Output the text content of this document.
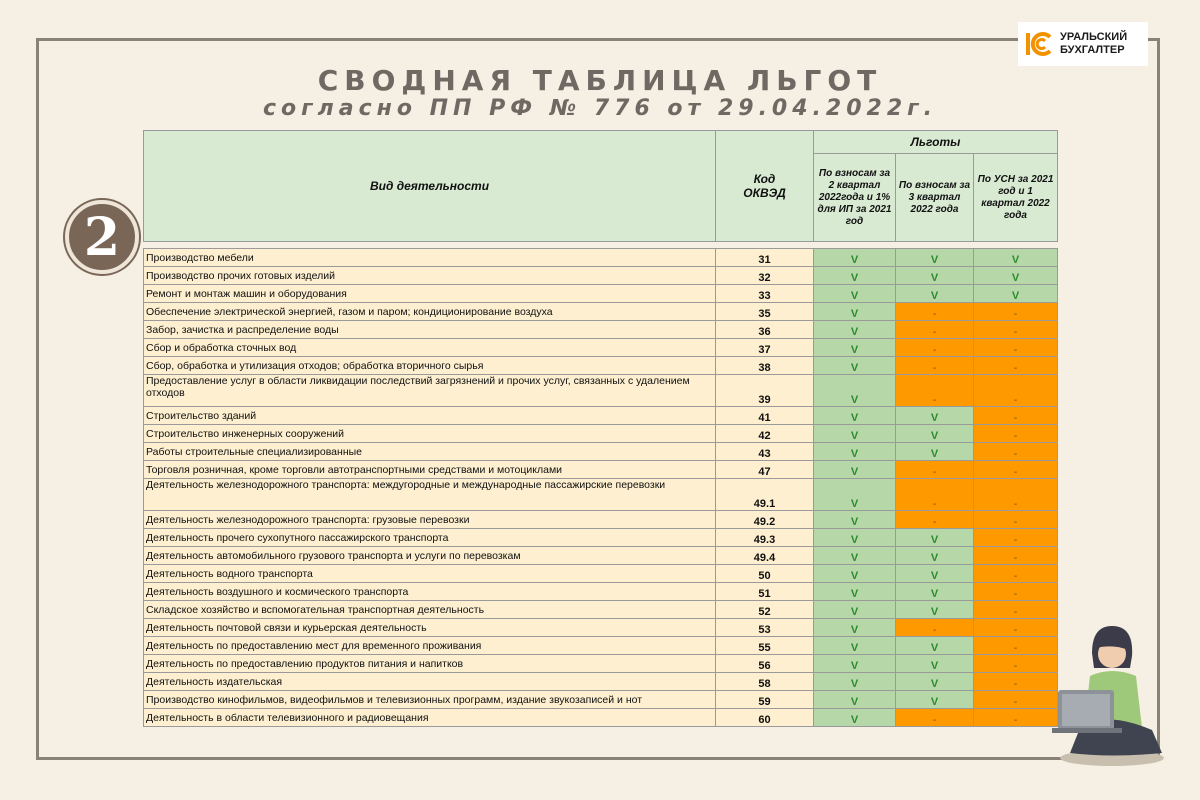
УРАЛЬСКИЙ
БУХГАЛТЕР
СВОДНАЯ ТАБЛИЦА ЛЬГОТ
согласно ПП РФ № 776 от 29.04.2022г.
2
Вид деятельности	Код ОКВЭД	Льготы		
		По взносам за 2 квартал 2022года и 1% для ИП за 2021 год	По взносам за 3 квартал 2022 года	По УСН за 2021 год и 1 квартал 2022 года

Производство мебели	31	V	V	V
Производство прочих готовых изделий	32	V	V	V
Ремонт и монтаж машин и оборудования	33	V	V	V
Обеспечение электрической энергией, газом и паром; кондиционирование воздуха	35	V	-	-
Забор, зачистка и распределение воды	36	V	-	-
Сбор и обработка сточных вод	37	V	-	-
Сбор, обработка и утилизация отходов; обработка вторичного сырья	38	V	-	-
Предоставление услуг в области ликвидации последствий загрязнений и прочих услуг, связанных с удалением отходов	39	V	-	-
Строительство зданий	41	V	V	-
Строительство инженерных сооружений	42	V	V	-
Работы строительные специализированные	43	V	V	-
Торговля розничная, кроме торговли автотранспортными средствами и мотоциклами	47	V	-	-
Деятельность железнодорожного транспорта: междугородные и международные пассажирские перевозки	49.1	V	-	-
Деятельность железнодорожного транспорта: грузовые перевозки	49.2	V	-	-
Деятельность прочего сухопутного пассажирского транспорта	49.3	V	V	-
Деятельность автомобильного грузового транспорта и услуги по перевозкам	49.4	V	V	-
Деятельность водного транспорта	50	V	V	-
Деятельность воздушного и космического транспорта	51	V	V	-
Складское хозяйство и вспомогательная транспортная деятельность	52	V	V	-
Деятельность почтовой связи и курьерская деятельность	53	V	-	-
Деятельность по предоставлению мест для временного проживания	55	V	V	-
Деятельность по предоставлению продуктов питания и напитков	56	V	V	-
Деятельность издательская	58	V	V	-
Производство кинофильмов, видеофильмов и телевизионных программ, издание звукозаписей и нот	59	V	V	-
Деятельность в области телевизионного и радиовещания	60	V	-	-
